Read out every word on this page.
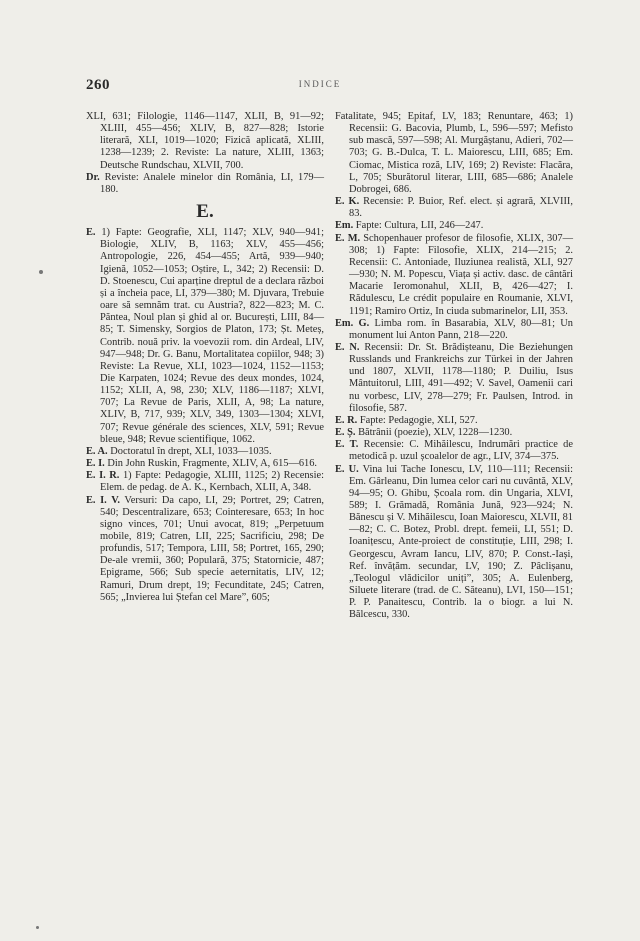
260	INDICE

XLI, 631; Filologie, 1146—1147, XLII, B, 91—92; XLIII, 455—456; XLIV, B, 827—828; Istorie literară, XLI, 1019—1020; Fizică aplicată, XLIII, 1238—1239; 2. Reviste: La nature, XLIII, 1363; Deutsche Rundschau, XLVII, 700.

Dr. Reviste: Analele minelor din România, LI, 179—180.

E.

E. 1) Fapte: Geografie, XLI, 1147; XLV, 940—941; Biologie, XLIV, B, 1163; XLV, 455—456; Antropologie, 226, 454—455; Artă, 939—940; Igienă, 1052—1053; Oștire, L, 342; 2) Recensii: D. D. Stoenescu, Cui aparține dreptul de a declara război și a încheia pace, LI, 379—380; M. Djuvara, Trebuie oare să semnăm trat. cu Austria?, 822—823; M. C. Păntea, Noul plan și ghid al or. București, LIII, 84—85; T. Simensky, Sorgios de Platon, 173; Șt. Meteș, Contrib. nouă priv. la voevozii rom. din Ardeal, LIV, 947—948; Dr. G. Banu, Mortalitatea copiilor, 948; 3) Reviste: La Revue, XLI, 1023—1024, 1152—1153; Die Karpaten, 1024; Revue des deux mondes, 1024, 1152; XLII, A, 98, 230; XLV, 1186—1187; XLVI, 707; La Revue de Paris, XLII, A, 98; La nature, XLIV, B, 717, 939; XLV, 349, 1303—1304; XLVI, 707; Revue générale des sciences, XLV, 591; Revue bleue, 948; Revue scientifique, 1062.

E. A. Doctoratul în drept, XLI, 1033—1035.

E. I. Din John Ruskin, Fragmente, XLIV, A, 615—616.

E. I. R. 1) Fapte: Pedagogie, XLIII, 1125; 2) Recensie: Elem. de pedag. de A. K., Kernbach, XLII, A, 348.

E. I. V. Versuri: Da capo, LI, 29; Portret, 29; Catren, 540; Descentralizare, 653; Cointeresare, 653; In hoc signo vinces, 701; Unui avocat, 819; „Perpetuum mobile, 819; Catren, LII, 225; Sacrificiu, 298; De profundis, 517; Tempora, LIII, 58; Portret, 165, 290; De-ale vremii, 360; Populară, 375; Statornicie, 487; Epigrame, 566; Sub specie aeternitatis, LIV, 12; Ramuri, Drum drept, 19; Fecunditate, 245; Catren, 565; „Invierea lui Ștefan cel Mare”, 605;

Fatalitate, 945; Epitaf, LV, 183; Renuntare, 463; 1) Recensii: G. Bacovia, Plumb, L, 596—597; Mefisto sub mască, 597—598; Al. Murgăștanu, Adieri, 702—703; G. B.-Dulca, T. L. Maiorescu, LIII, 685; Em. Ciomac, Mistica roză, LIV, 169; 2) Reviste: Flacăra, L, 705; Sburătorul literar, LIII, 685—686; Analele Dobrogei, 686.

E. K. Recensie: P. Buior, Ref. elect. și agrară, XLVIII, 83.

Em. Fapte: Cultura, LII, 246—247.

E. M. Schopenhauer profesor de filosofie, XLIX, 307—308; 1) Fapte: Filosofie, XLIX, 214—215; 2. Recensii: C. Antoniade, Iluziunea realistă, XLI, 927—930; N. M. Popescu, Viața și activ. dasc. de cântări Macarie Ieromonahul, XLII, B, 426—427; I. Rădulescu, Le crédit populaire en Roumanie, XLVI, 1191; Ramiro Ortiz, In ciuda submarinelor, LII, 353.

Em. G. Limba rom. în Basarabia, XLV, 80—81; Un monument lui Anton Pann, 218—220.

E. N. Recensii: Dr. St. Brădișteanu, Die Beziehungen Russlands und Frankreichs zur Türkei in der Jahren und 1807, XLVII, 1178—1180; P. Duiliu, Isus Mântuitorul, LIII, 491—492; V. Savel, Oamenii cari nu vorbesc, LIV, 278—279; Fr. Paulsen, Introd. in filosofie, 587.

E. R. Fapte: Pedagogie, XLI, 527.

E. Ș. Bătrânii (poezie), XLV, 1228—1230.

E. T. Recensie: C. Mihăilescu, Indrumări practice de metodică p. uzul școalelor de agr., LIV, 374—375.

E. U. Vina lui Tache Ionescu, LV, 110—111; Recensii: Em. Gârleanu, Din lumea celor cari nu cuvântă, XLV, 94—95; O. Ghibu, Școala rom. din Ungaria, XLVI, 589; I. Grămadă, România Jună, 923—924; N. Bănescu și V. Mihăilescu, Ioan Maiorescu, XLVII, 81—82; C. C. Botez, Probl. drept. femeii, LI, 551; D. Ioanițescu, Ante-proiect de constituție, LIII, 298; I. Georgescu, Avram Iancu, LIV, 870; P. Const.-Iași, Ref. învățăm. secundar, LV, 190; Z. Pâclișanu, „Teologul vlădicilor uniți”, 305; A. Eulenberg, Siluete literare (trad. de C. Săteanu), LVI, 150—151; P. P. Panaitescu, Contrib. la o biogr. a lui N. Bălcescu, 330.
